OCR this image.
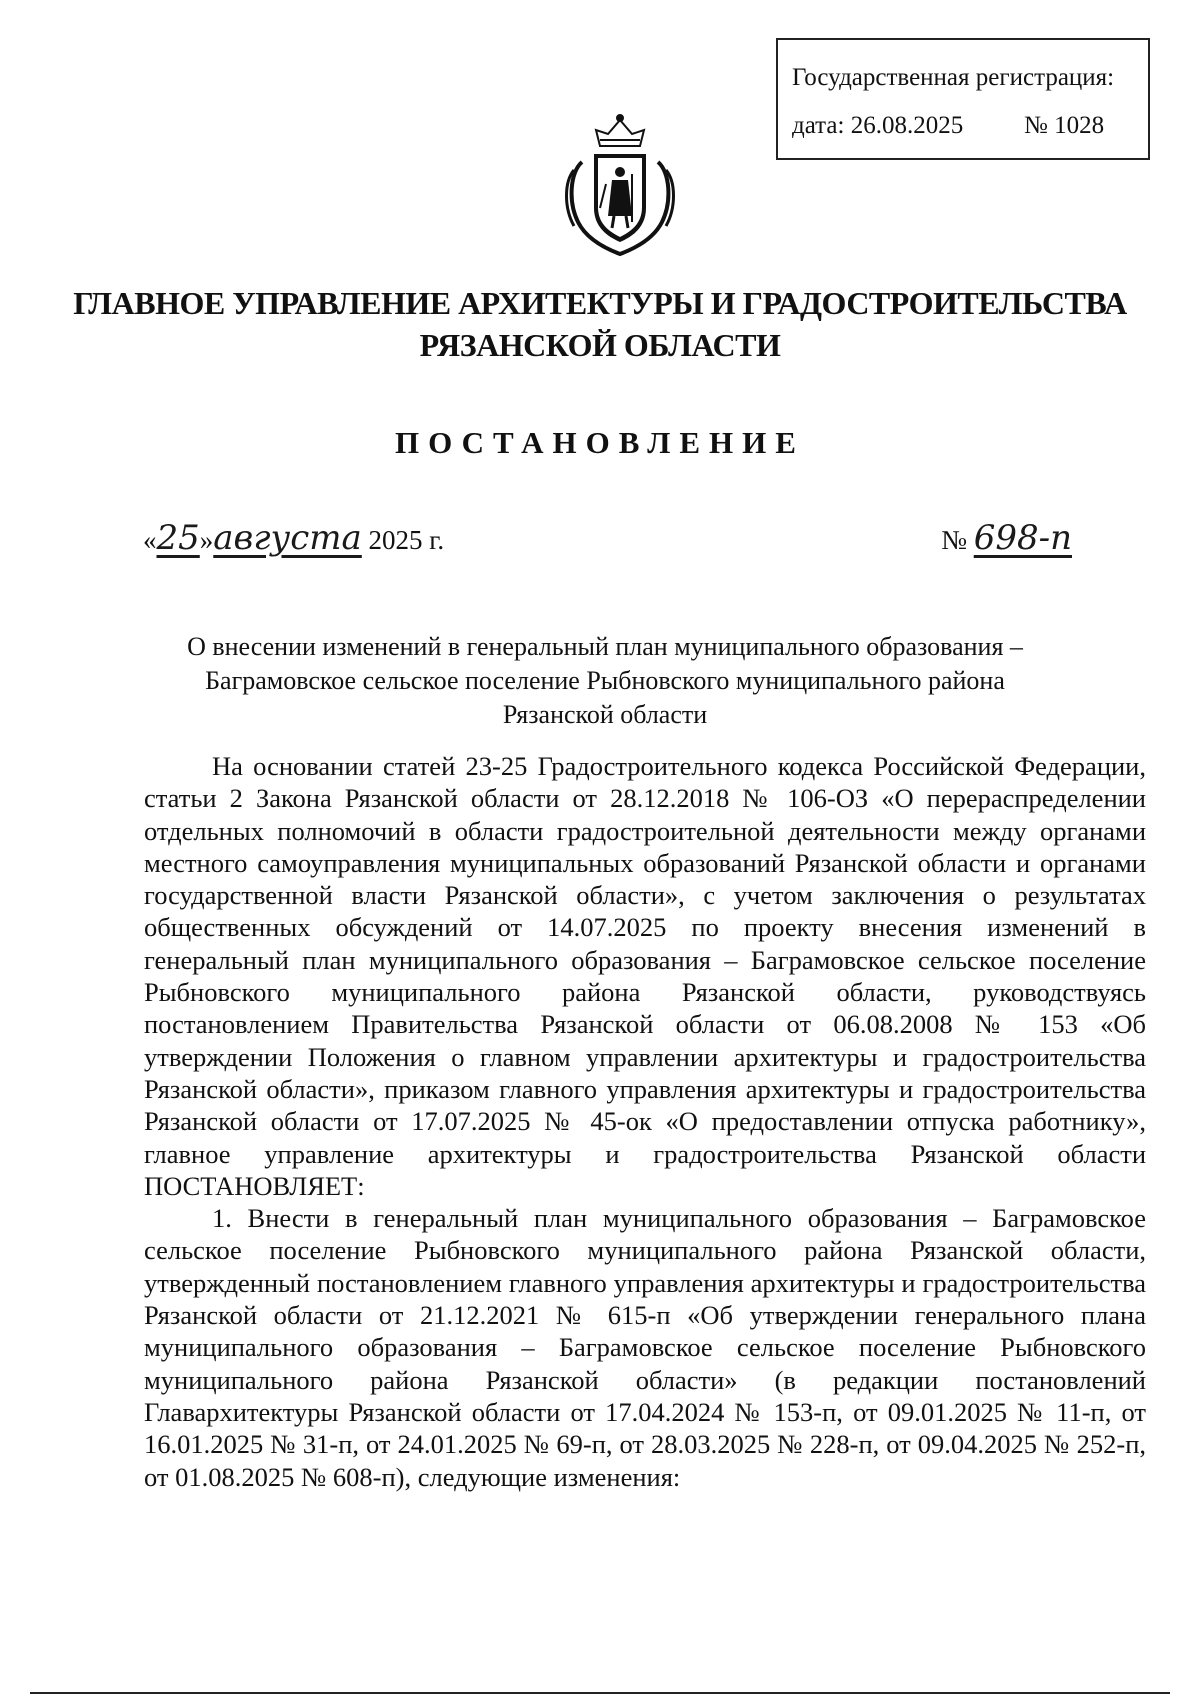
Государственная регистрация:
дата: 26.08.2025 № 1028
ГЛАВНОЕ УПРАВЛЕНИЕ АРХИТЕКТУРЫ И ГРАДОСТРОИТЕЛЬСТВА
РЯЗАНСКОЙ ОБЛАСТИ
ПОСТАНОВЛЕНИЕ
«25»августа 2025 г.	№ 698-п
О внесении изменений в генеральный план муниципального образования –
Баграмовское сельское поселение Рыбновского муниципального района
Рязанской области

На основании статей 23-25 Градостроительного кодекса Российской Федерации, статьи 2 Закона Рязанской области от 28.12.2018 № 106-ОЗ «О перераспределении отдельных полномочий в области градостроительной деятельности между органами местного самоуправления муниципальных образований Рязанской области и органами государственной власти Рязанской области», с учетом заключения о результатах общественных обсуждений от 14.07.2025 по проекту внесения изменений в генеральный план муниципального образования – Баграмовское сельское поселение Рыбновского муниципального района Рязанской области, руководствуясь постановлением Правительства Рязанской области от 06.08.2008 № 153 «Об утверждении Положения о главном управлении архитектуры и градостроительства Рязанской области», приказом главного управления архитектуры и градостроительства Рязанской области от 17.07.2025 № 45-ок «О предоставлении отпуска работнику», главное управление архитектуры и градостроительства Рязанской области ПОСТАНОВЛЯЕТ:

1. Внести в генеральный план муниципального образования – Баграмовское сельское поселение Рыбновского муниципального района Рязанской области, утвержденный постановлением главного управления архитектуры и градостроительства Рязанской области от 21.12.2021 № 615-п «Об утверждении генерального плана муниципального образования – Баграмовское сельское поселение Рыбновского муниципального района Рязанской области» (в редакции постановлений Главархитектуры Рязанской области от 17.04.2024 № 153-п, от 09.01.2025 № 11-п, от 16.01.2025 № 31-п, от 24.01.2025 № 69-п, от 28.03.2025 № 228-п, от 09.04.2025 № 252-п, от 01.08.2025 № 608-п), следующие изменения:
